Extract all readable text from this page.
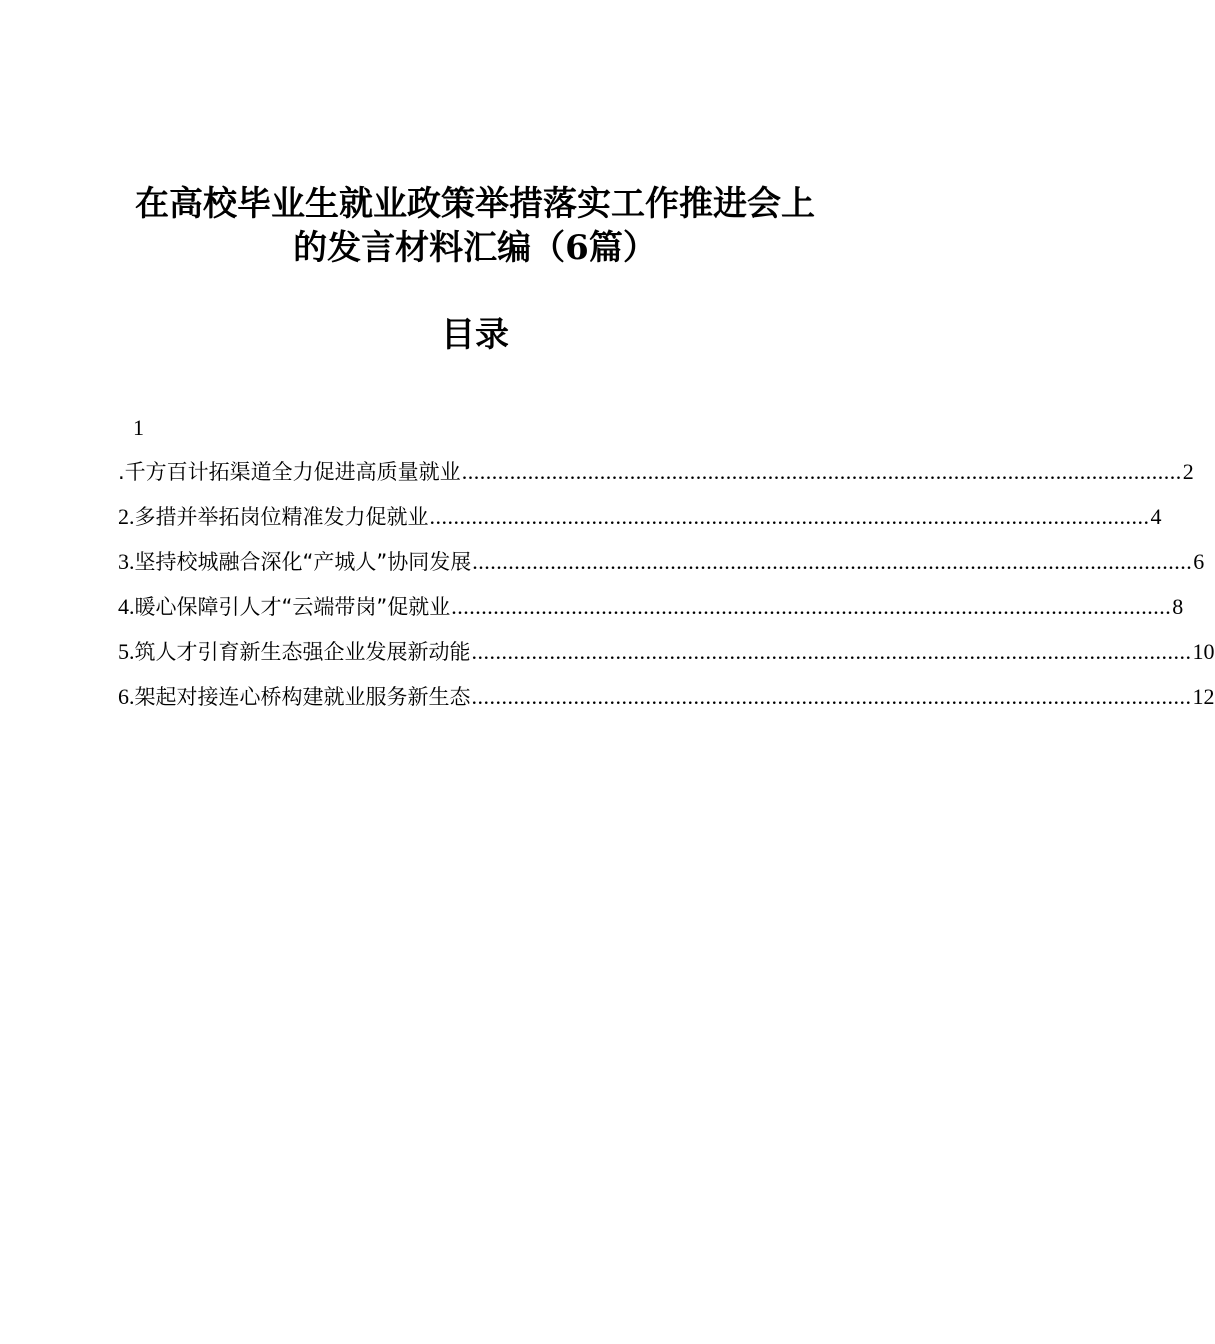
在高校毕业生就业政策举措落实工作推进会上
的发言材料汇编（6篇）
目录
1
.千方百计拓渠道全力促进高质量就业 ........................................................................................................................ 2
2. 多措并举拓岗位精准发力促就业 ........................................................................................................................ 4
3. 坚持校城融合深化“产城人”协同发展 ........................................................................................................................ 6
4. 暖心保障引人才“云端带岗”促就业 ........................................................................................................................ 8
5. 筑人才引育新生态强企业发展新动能 ........................................................................................................................ 10
6. 架起对接连心桥构建就业服务新生态 ........................................................................................................................ 12
